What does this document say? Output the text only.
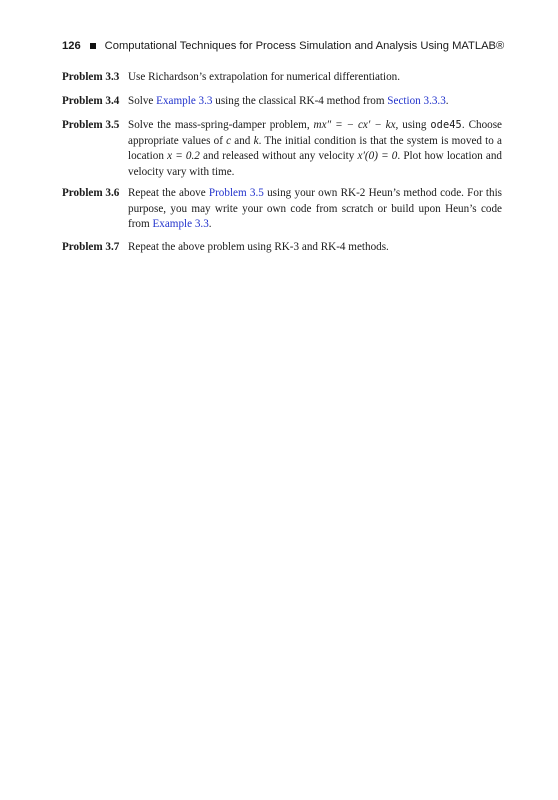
126 Computational Techniques for Process Simulation and Analysis Using MATLAB®
Problem 3.3 Use Richardson’s extrapolation for numerical differentiation.
Problem 3.4 Solve Example 3.3 using the classical RK-4 method from Section 3.3.3.
Problem 3.5 Solve the mass-spring-damper problem, mx″ = − cx′ − kx, using ode45. Choose appropriate values of c and k. The initial condition is that the system is moved to a location x = 0.2 and released without any velocity x′(0) = 0. Plot how location and velocity vary with time.
Problem 3.6 Repeat the above Problem 3.5 using your own RK-2 Heun’s method code. For this purpose, you may write your own code from scratch or build upon Heun’s code from Example 3.3.
Problem 3.7 Repeat the above problem using RK-3 and RK-4 methods.
